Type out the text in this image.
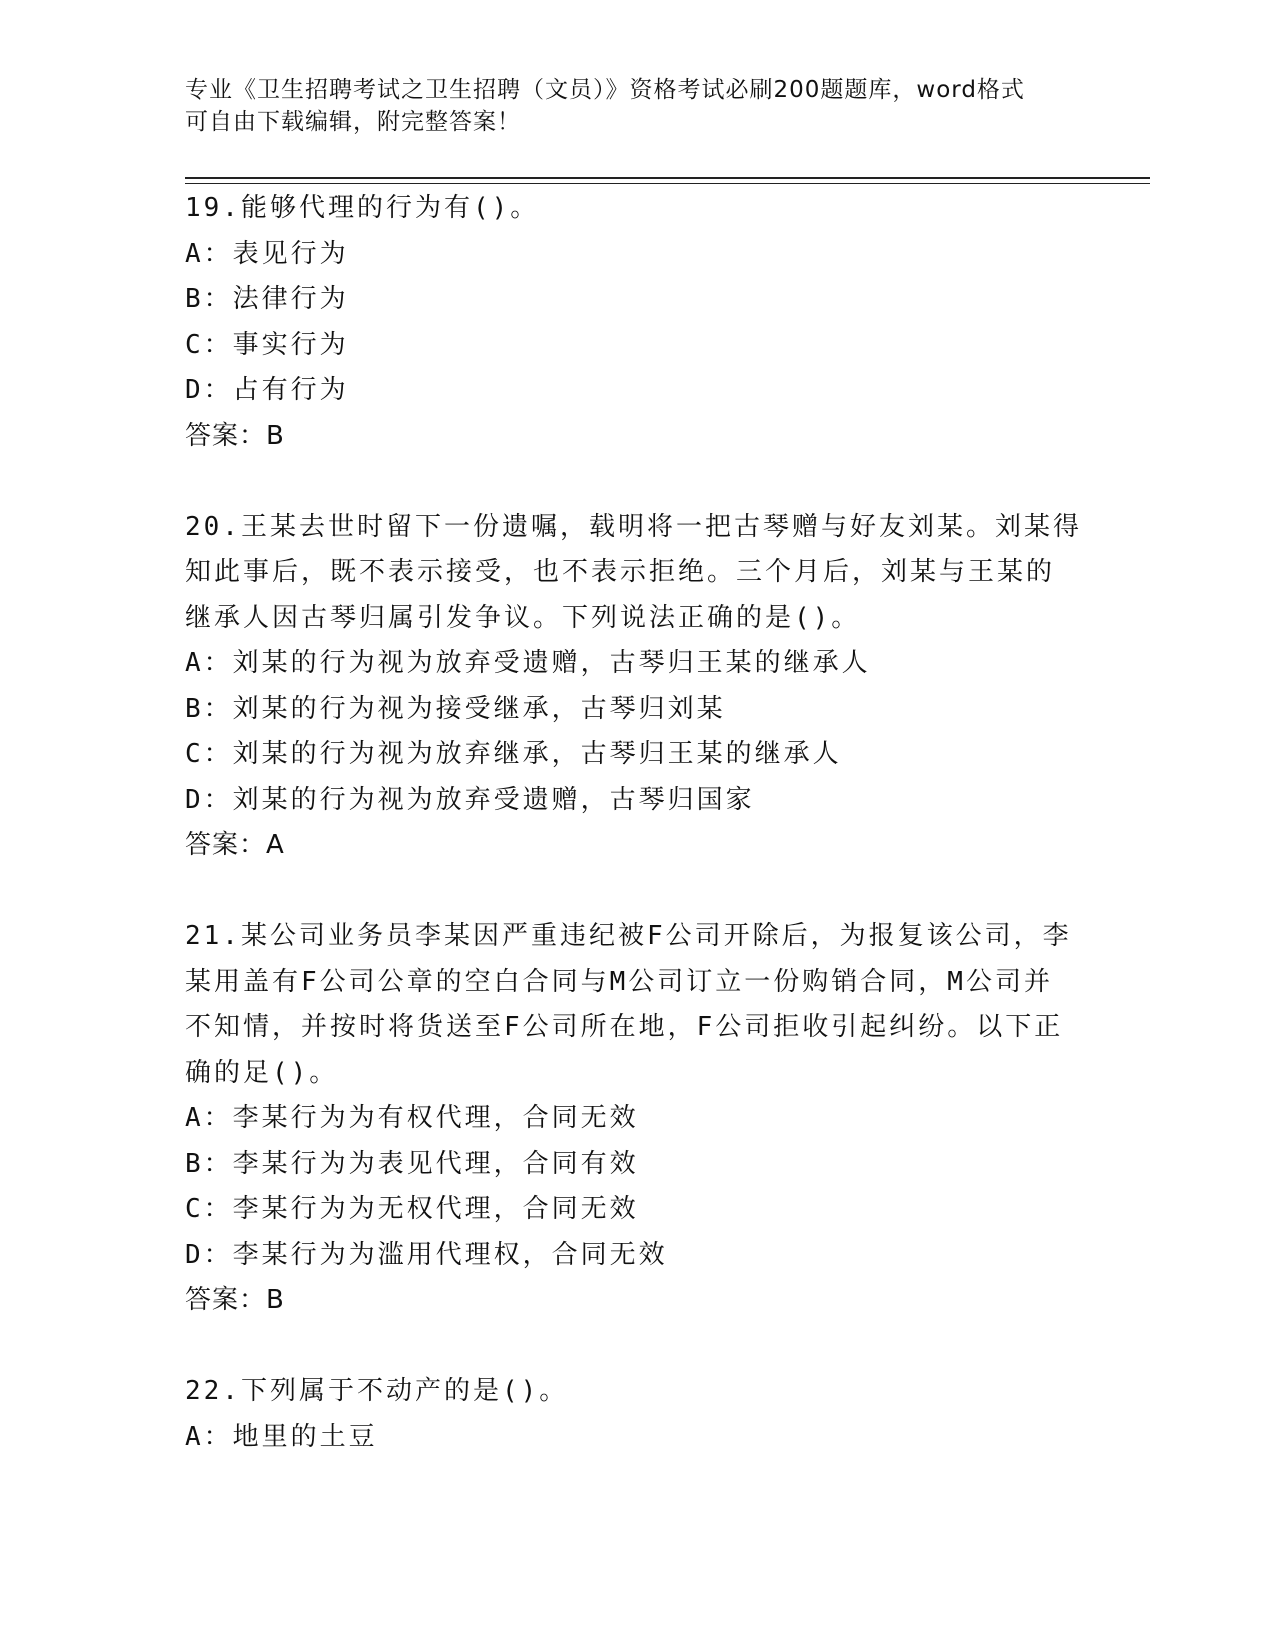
专业《卫生招聘考试之卫生招聘（文员）》资格考试必刷200题题库，word格式
可自由下载编辑，附完整答案！
19.能够代理的行为有()。
A：表见行为
B：法律行为
C：事实行为
D：占有行为
答案：B
20.王某去世时留下一份遗嘱，载明将一把古琴赠与好友刘某。刘某得
知此事后，既不表示接受，也不表示拒绝。三个月后，刘某与王某的
继承人因古琴归属引发争议。下列说法正确的是()。
A：刘某的行为视为放弃受遗赠，古琴归王某的继承人
B：刘某的行为视为接受继承，古琴归刘某
C：刘某的行为视为放弃继承，古琴归王某的继承人
D：刘某的行为视为放弃受遗赠，古琴归国家
答案：A
21.某公司业务员李某因严重违纪被F公司开除后，为报复该公司，李
某用盖有F公司公章的空白合同与M公司订立一份购销合同，M公司并
不知情，并按时将货送至F公司所在地，F公司拒收引起纠纷。以下正
确的足()。
A：李某行为为有权代理，合同无效
B：李某行为为表见代理，合同有效
C：李某行为为无权代理，合同无效
D：李某行为为滥用代理权，合同无效
答案：B
22.下列属于不动产的是()。
A：地里的土豆
